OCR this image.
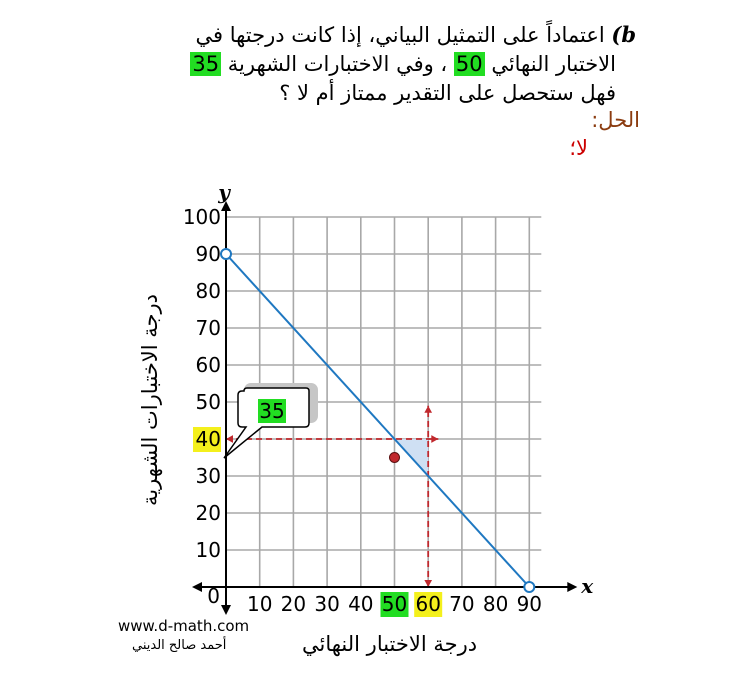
b) اعتماداً على التمثيل البياني، إذا كانت درجتها في
الاختبار النهائي 50 ، وفي الاختبارات الشهرية 35
فهل ستحصل على التقدير ممتاز أم لا ؟
الحل:
لا؛
x
y
10 20 30 40 50 60 70 80 90
10
20
30
40
50
60
70
80
90
100
0
35
درجة الاختبارات الشهرية
درجة الاختبار النهائي
www.d-math.com
أحمد صالح الديني
